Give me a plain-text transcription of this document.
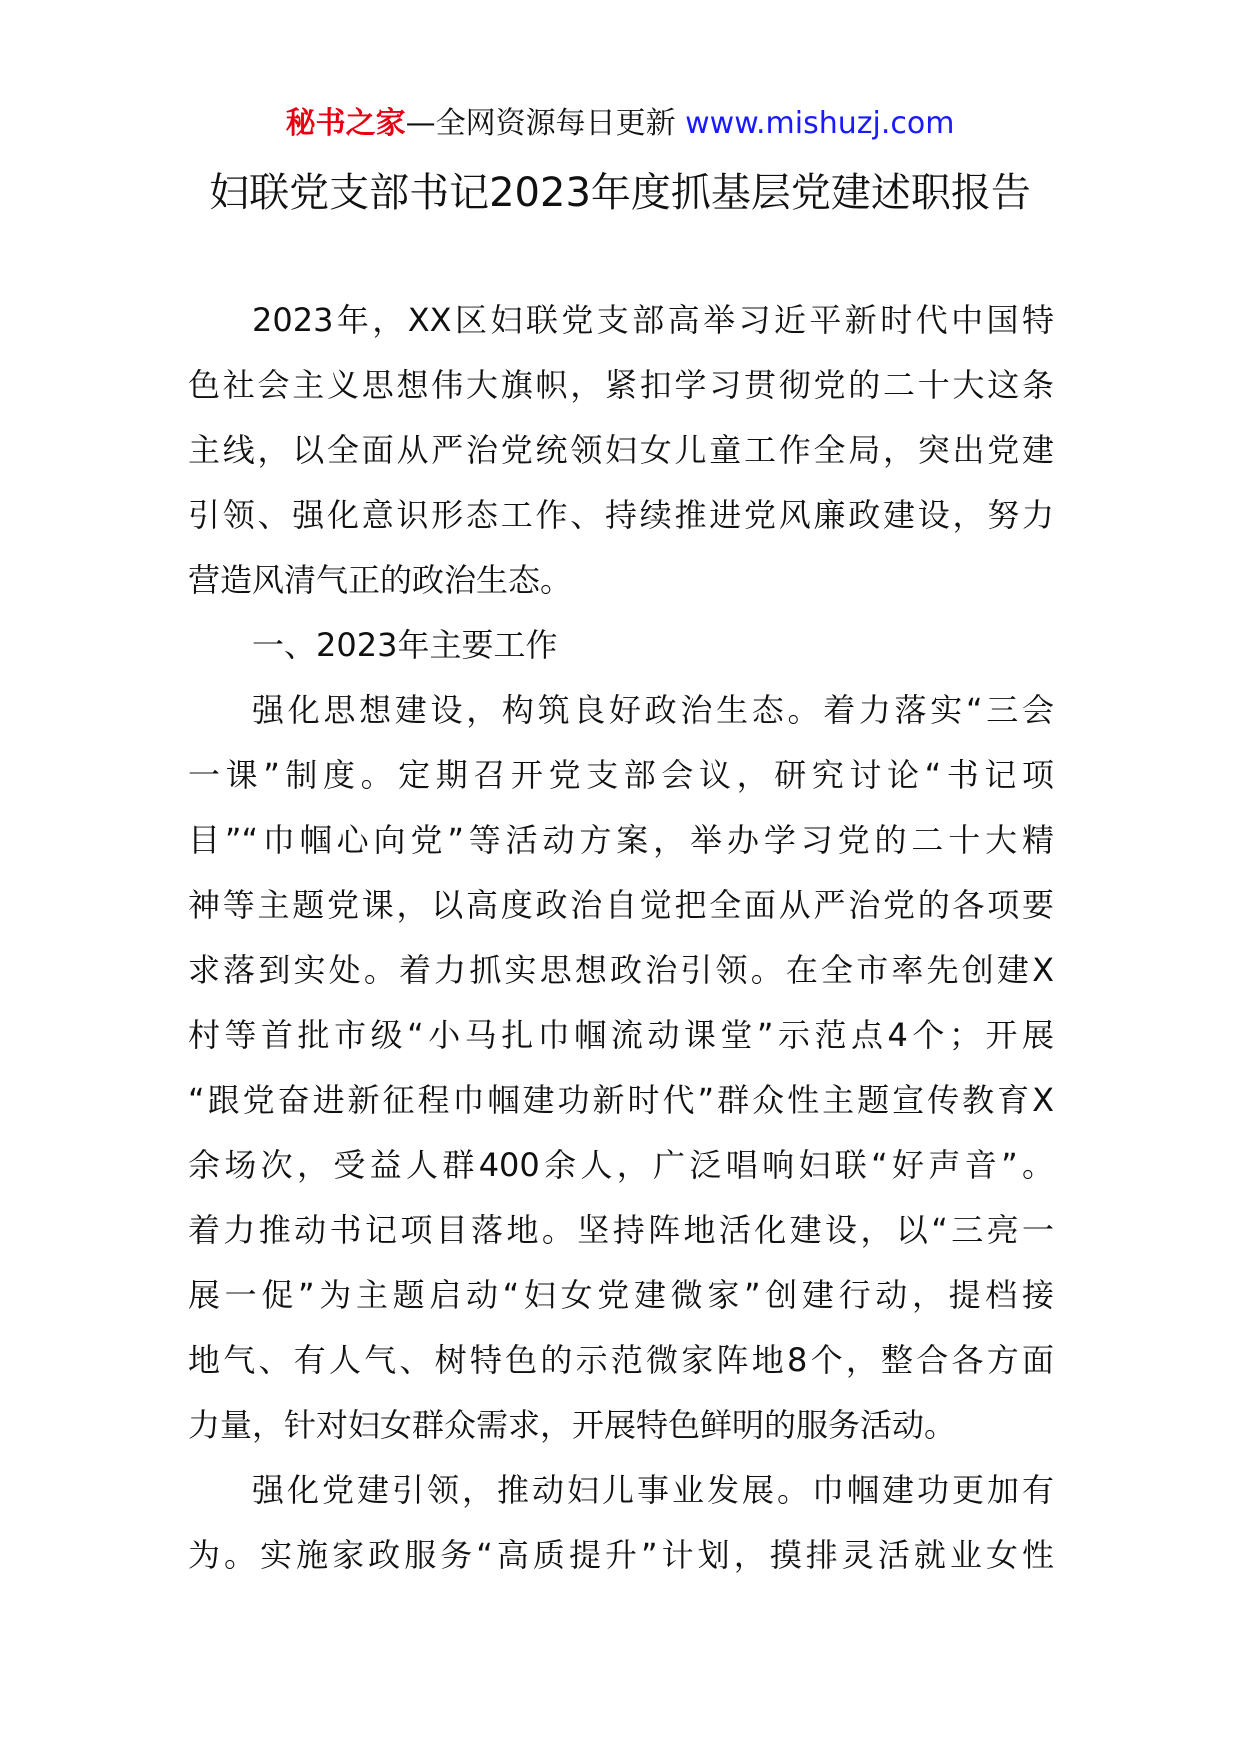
秘书之家—全网资源每日更新 www.mishuzj.com
妇联党支部书记2023年度抓基层党建述职报告

2023年，XX区妇联党支部高举习近平新时代中国特
色社会主义思想伟大旗帜，紧扣学习贯彻党的二十大这条
主线，以全面从严治党统领妇女儿童工作全局，突出党建
引领、强化意识形态工作、持续推进党风廉政建设，努力
营造风清气正的政治生态。

一、2023年主要工作

强化思想建设，构筑良好政治生态。着力落实“三会
一课”制度。定期召开党支部会议，研究讨论“书记项
目”“巾帼心向党”等活动方案，举办学习党的二十大精
神等主题党课，以高度政治自觉把全面从严治党的各项要
求落到实处。着力抓实思想政治引领。在全市率先创建X
村等首批市级“小马扎巾帼流动课堂”示范点4个；开展
“跟党奋进新征程巾帼建功新时代”群众性主题宣传教育X
余场次，受益人群400余人，广泛唱响妇联“好声音”。
着力推动书记项目落地。坚持阵地活化建设，以“三亮一
展一促”为主题启动“妇女党建微家”创建行动，提档接
地气、有人气、树特色的示范微家阵地8个，整合各方面
力量，针对妇女群众需求，开展特色鲜明的服务活动。

强化党建引领，推动妇儿事业发展。巾帼建功更加有
为。实施家政服务“高质提升”计划，摸排灵活就业女性
